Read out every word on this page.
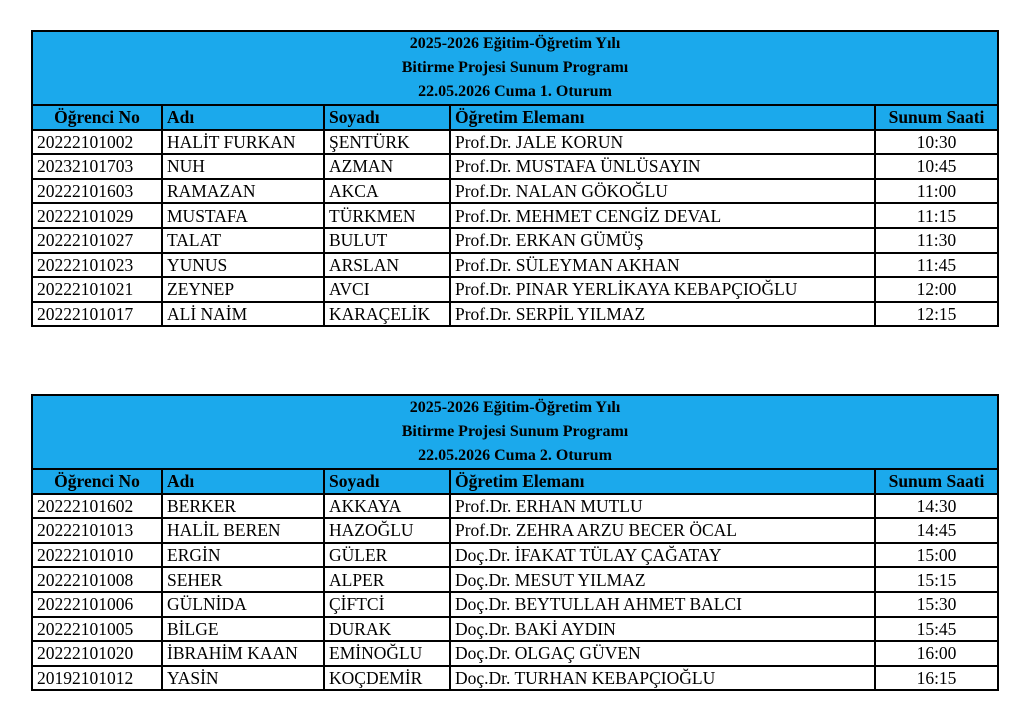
2025-2026 Eğitim-Öğretim Yılı				
Bitirme Projesi Sunum Programı				
22.05.2026 Cuma 1. Oturum				
Öğrenci No	Adı	Soyadı	Öğretim Elemanı	Sunum Saati
20222101002	HALİT FURKAN	ŞENTÜRK	Prof.Dr. JALE KORUN	10:30
20232101703	NUH	AZMAN	Prof.Dr. MUSTAFA ÜNLÜSAYIN	10:45
20222101603	RAMAZAN	AKCA	Prof.Dr. NALAN GÖKOĞLU	11:00
20222101029	MUSTAFA	TÜRKMEN	Prof.Dr. MEHMET CENGİZ DEVAL	11:15
20222101027	TALAT	BULUT	Prof.Dr. ERKAN GÜMÜŞ	11:30
20222101023	YUNUS	ARSLAN	Prof.Dr. SÜLEYMAN AKHAN	11:45
20222101021	ZEYNEP	AVCI	Prof.Dr. PINAR YERLİKAYA KEBAPÇIOĞLU	12:00
20222101017	ALİ NAİM	KARAÇELİK	Prof.Dr. SERPİL YILMAZ	12:15
2025-2026 Eğitim-Öğretim Yılı				
Bitirme Projesi Sunum Programı				
22.05.2026 Cuma 2. Oturum				
Öğrenci No	Adı	Soyadı	Öğretim Elemanı	Sunum Saati
20222101602	BERKER	AKKAYA	Prof.Dr. ERHAN MUTLU	14:30
20222101013	HALİL BEREN	HAZOĞLU	Prof.Dr. ZEHRA ARZU BECER ÖCAL	14:45
20222101010	ERGİN	GÜLER	Doç.Dr. İFAKAT TÜLAY ÇAĞATAY	15:00
20222101008	SEHER	ALPER	Doç.Dr. MESUT YILMAZ	15:15
20222101006	GÜLNİDA	ÇİFTCİ	Doç.Dr. BEYTULLAH AHMET BALCI	15:30
20222101005	BİLGE	DURAK	Doç.Dr. BAKİ AYDIN	15:45
20222101020	İBRAHİM KAAN	EMİNOĞLU	Doç.Dr. OLGAÇ GÜVEN	16:00
20192101012	YASİN	KOÇDEMİR	Doç.Dr. TURHAN KEBAPÇIOĞLU	16:15
